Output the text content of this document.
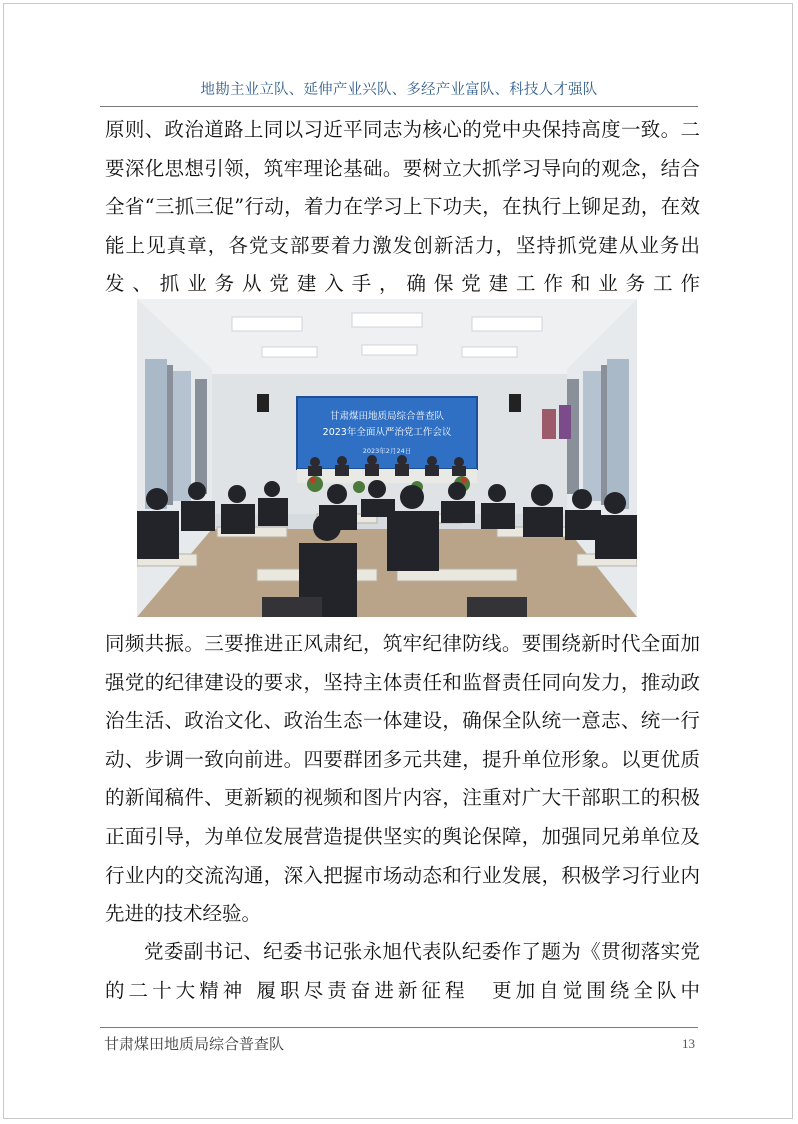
地勘主业立队、延伸产业兴队、多经产业富队、科技人才强队

原则、政治道路上同以习近平同志为核心的党中央保持高度一致。二要深化思想引领，筑牢理论基础。要树立大抓学习导向的观念，结合全省“三抓三促”行动，着力在学习上下功夫，在执行上铆足劲，在效能上见真章，各党支部要着力激发创新活力，坚持抓党建从业务出发、抓业务从党建入手，确保党建工作和业务工作

甘肃煤田地质局综合普查队
2023年全面从严治党工作会议
2023年2月24日

同频共振。三要推进正风肃纪，筑牢纪律防线。要围绕新时代全面加强党的纪律建设的要求，坚持主体责任和监督责任同向发力，推动政治生活、政治文化、政治生态一体建设，确保全队统一意志、统一行动、步调一致向前进。四要群团多元共建，提升单位形象。以更优质的新闻稿件、更新颖的视频和图片内容，注重对广大干部职工的积极正面引导，为单位发展营造提供坚实的舆论保障，加强同兄弟单位及行业内的交流沟通，深入把握市场动态和行业发展，积极学习行业内先进的技术经验。

党委副书记、纪委书记张永旭代表队纪委作了题为《贯彻落实党的二十大精神 履职尽责奋进新征程　更加自觉围绕全队中

甘肃煤田地质局综合普查队	13
